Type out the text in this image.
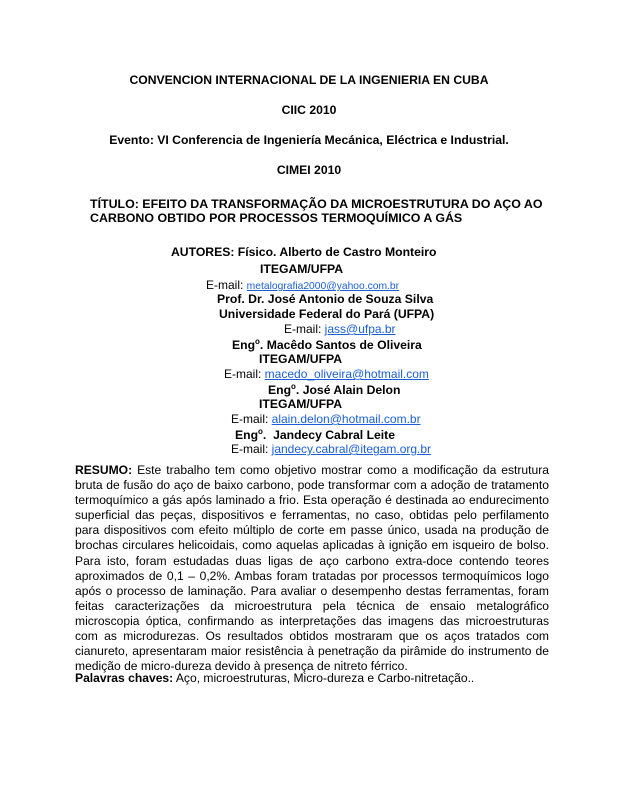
CONVENCION INTERNACIONAL DE LA INGENIERIA EN CUBA
CIIC 2010
Evento: VI Conferencia de Ingeniería Mecánica, Eléctrica e Industrial.
CIMEI 2010
TÍTULO: EFEITO DA TRANSFORMAÇÃO DA MICROESTRUTURA DO AÇO AO
CARBONO OBTIDO POR PROCESSOS TERMOQUÍMICO A GÁS
AUTORES: Físico. Alberto de Castro Monteiro
ITEGAM/UFPA
E-mail: metalografia2000@yahoo.com.br
Prof. Dr. José Antonio de Souza Silva
Universidade Federal do Pará (UFPA)
E-mail: jass@ufpa.br
Eng$^o$. Macêdo Santos de Oliveira
ITEGAM/UFPA
E-mail: macedo_oliveira@hotmail.com
Eng$^o$. José Alain Delon
ITEGAM/UFPA
E-mail: alain.delon@hotmail.com.br
Eng$^o$.  Jandecy Cabral Leite
E-mail: jandecy.cabral@itegam.org.br
RESUMO: Este trabalho tem como objetivo mostrar como a modificação da estrutura
bruta de fusão do aço de baixo carbono, pode transformar com a adoção de tratamento
termoquímico a gás após laminado a frio. Esta operação é destinada ao endurecimento
superficial das peças, dispositivos e ferramentas, no caso, obtidas pelo perfilamento
para dispositivos com efeito múltiplo de corte em passe único, usada na produção de
brochas circulares helicoidais, como aquelas aplicadas à ignição em isqueiro de bolso.
Para isto, foram estudadas duas ligas de aço carbono extra-doce contendo teores
aproximados de 0,1 – 0,2%. Ambas foram tratadas por processos termoquímicos logo
após o processo de laminação. Para avaliar o desempenho destas ferramentas, foram
feitas caracterizações da microestrutura pela técnica de ensaio metalográfico
microscopia óptica, confirmando as interpretações das imagens das microestruturas
com as microdurezas. Os resultados obtidos mostraram que os aços tratados com
cianureto, apresentaram maior resistência à penetração da pirâmide do instrumento de
medição de micro-dureza devido à presença de nitreto férrico.
Palavras chaves: Aço, microestruturas, Micro-dureza e Carbo-nitretação..
